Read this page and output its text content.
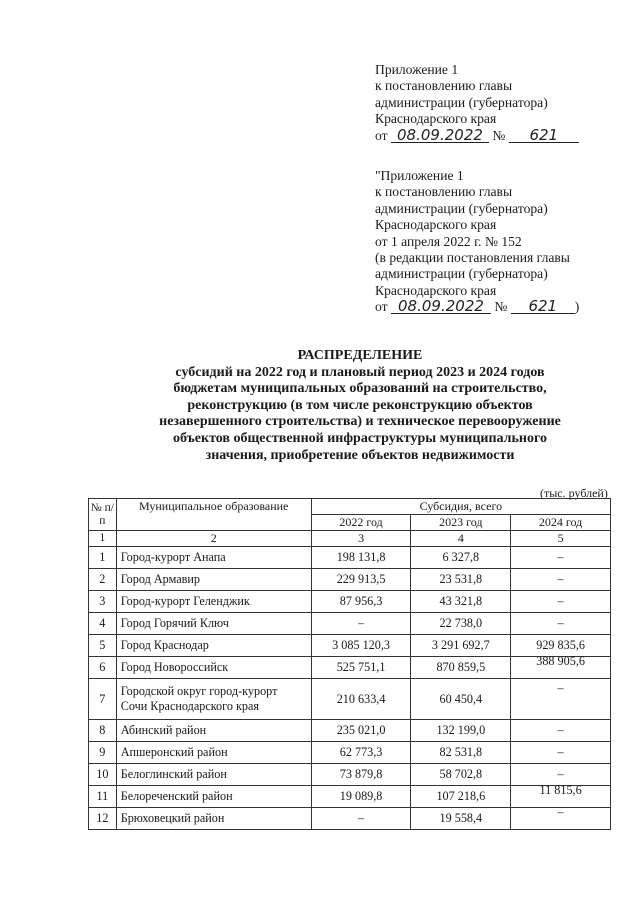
Приложение 1
к постановлению главы
администрации (губернатора)
Краснодарского края
от 08.09.2022 № 621
"Приложение 1
к постановлению главы
администрации (губернатора)
Краснодарского края
от 1 апреля 2022 г. № 152
(в редакции постановления главы
администрации (губернатора)
Краснодарского края
от 08.09.2022 № 621 )
РАСПРЕДЕЛЕНИЕ
субсидий на 2022 год и плановый период 2023 и 2024 годов
бюджетам муниципальных образований на строительство,
реконструкцию (в том числе реконструкцию объектов
незавершенного строительства) и техническое перевооружение
объектов общественной инфраструктуры муниципального
значения, приобретение объектов недвижимости
(тыс. рублей)
№ п/п	Муниципальное образование	Субсидия, всего		
		2022 год	2023 год	2024 год
1	2	3	4	5
1	Город-курорт Анапа	198 131,8	6 327,8	–
2	Город Армавир	229 913,5	23 531,8	–
3	Город-курорт Геленджик	87 956,3	43 321,8	–
4	Город Горячий Ключ	–	22 738,0	–
5	Город Краснодар	3 085 120,3	3 291 692,7	929 835,6
6	Город Новороссийск	525 751,1	870 859,5	388 905,6
7	Городской округ город-курорт Сочи Краснодарского края	210 633,4	60 450,4	–
8	Абинский район	235 021,0	132 199,0	–
9	Апшеронский район	62 773,3	82 531,8	–
10	Белоглинский район	73 879,8	58 702,8	–
11	Белореченский район	19 089,8	107 218,6	11 815,6
12	Брюховецкий район	–	19 558,4	–
